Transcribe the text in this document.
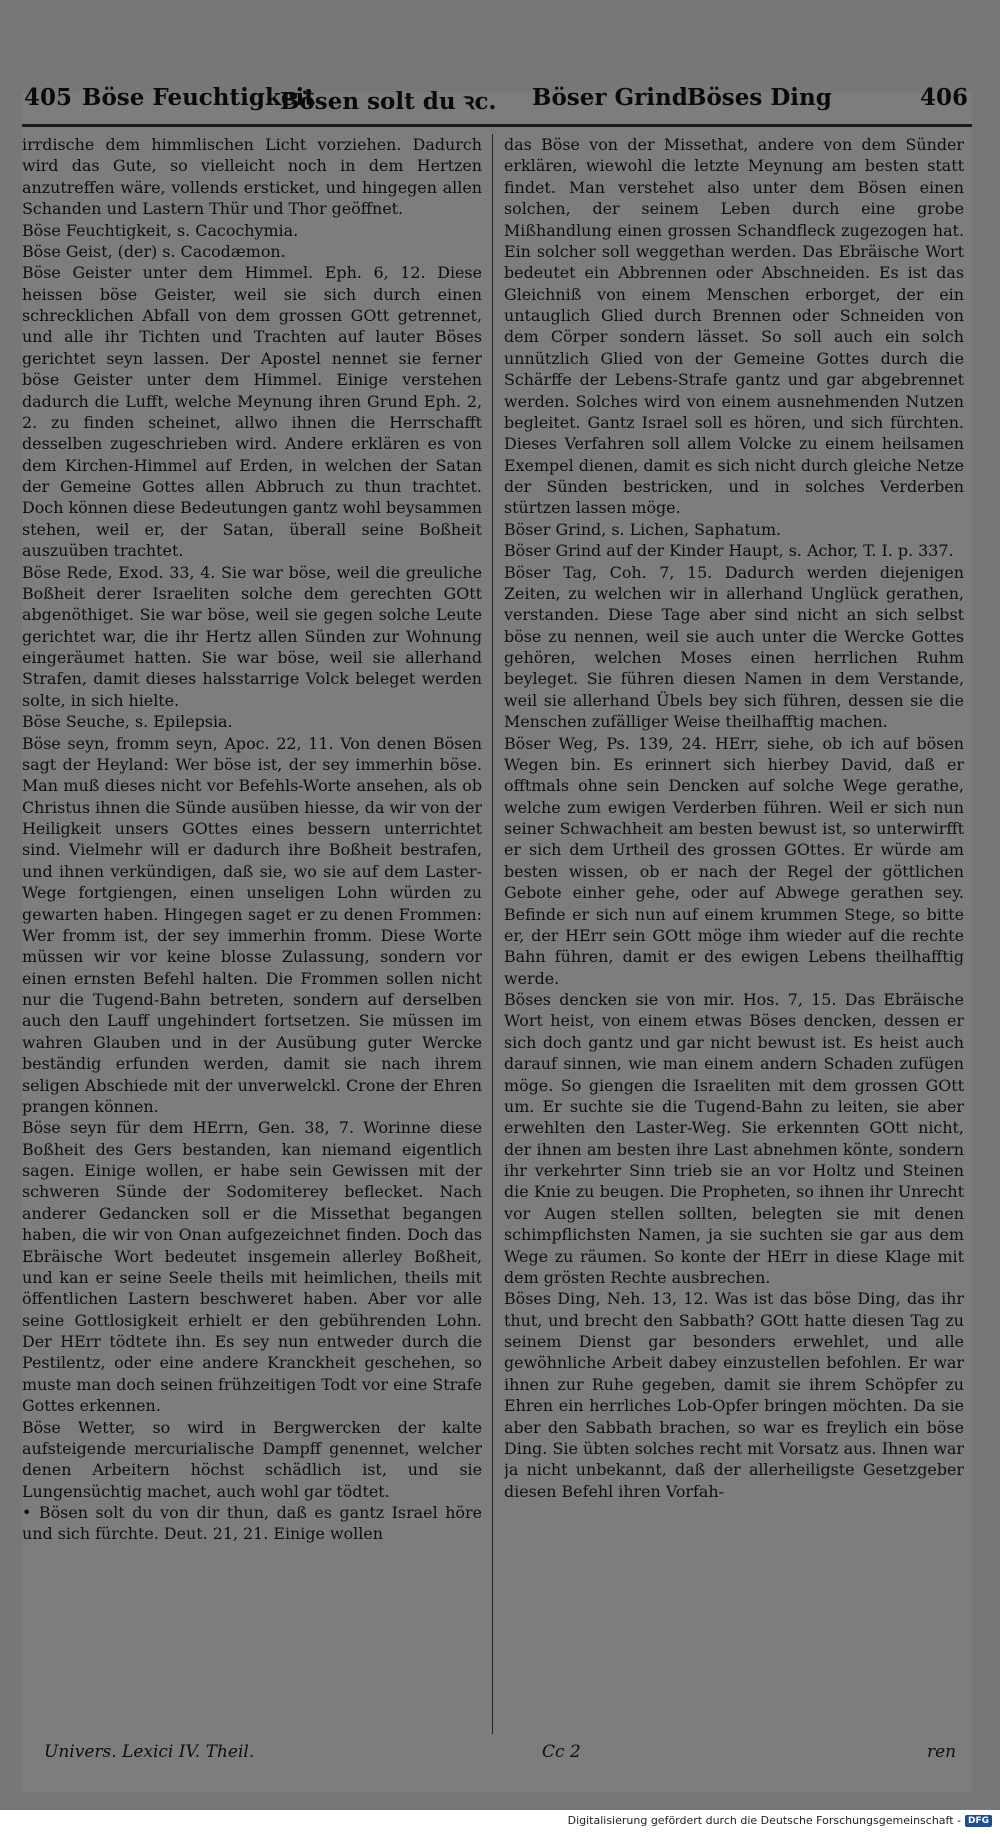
405 Böse Feuchtigkeit
Bösen solt du ꝛc. Böser Grind Böses Ding	406

irrdische dem himmlischen Licht vorziehen. Dadurch wird das Gute, so vielleicht noch in dem Hertzen anzutreffen wäre, vollends ersticket, und hingegen allen Schanden und Lastern Thür und Thor geöffnet.

Böse Feuchtigkeit, s. Cacochymia.

Böse Geist, (der) s. Cacodæmon.

Böse Geister unter dem Himmel. Eph. 6, 12. Diese heissen böse Geister, weil sie sich durch einen schrecklichen Abfall von dem grossen GOtt getrennet, und alle ihr Tichten und Trachten auf lauter Böses gerichtet seyn lassen. Der Apostel nennet sie ferner böse Geister unter dem Himmel. Einige verstehen dadurch die Lufft, welche Meynung ihren Grund Eph. 2, 2. zu finden scheinet, allwo ihnen die Herrschafft desselben zugeschrieben wird. Andere erklären es von dem Kirchen-Himmel auf Erden, in welchen der Satan der Gemeine Gottes allen Abbruch zu thun trachtet. Doch können diese Bedeutungen gantz wohl beysammen stehen, weil er, der Satan, überall seine Boßheit auszuüben trachtet.

Böse Rede, Exod. 33, 4. Sie war böse, weil die greuliche Boßheit derer Israeliten solche dem gerechten GOtt abgenöthiget. Sie war böse, weil sie gegen solche Leute gerichtet war, die ihr Hertz allen Sünden zur Wohnung eingeräumet hatten. Sie war böse, weil sie allerhand Strafen, damit dieses halsstarrige Volck beleget werden solte, in sich hielte.

Böse Seuche, s. Epilepsia.

Böse seyn, fromm seyn, Apoc. 22, 11. Von denen Bösen sagt der Heyland: Wer böse ist, der sey immerhin böse. Man muß dieses nicht vor Befehls-Worte ansehen, als ob Christus ihnen die Sünde ausüben hiesse, da wir von der Heiligkeit unsers GOttes eines bessern unterrichtet sind. Vielmehr will er dadurch ihre Boßheit bestrafen, und ihnen verkündigen, daß sie, wo sie auf dem Laster-Wege fortgiengen, einen unseligen Lohn würden zu gewarten haben. Hingegen saget er zu denen Frommen: Wer fromm ist, der sey immerhin fromm. Diese Worte müssen wir vor keine blosse Zulassung, sondern vor einen ernsten Befehl halten. Die Frommen sollen nicht nur die Tugend-Bahn betreten, sondern auf derselben auch den Lauff ungehindert fortsetzen. Sie müssen im wahren Glauben und in der Ausübung guter Wercke beständig erfunden werden, damit sie nach ihrem seligen Abschiede mit der unverwelckl. Crone der Ehren prangen können.

Böse seyn für dem HErrn, Gen. 38, 7. Worinne diese Boßheit des Gers bestanden, kan niemand eigentlich sagen. Einige wollen, er habe sein Gewissen mit der schweren Sünde der Sodomiterey beflecket. Nach anderer Gedancken soll er die Missethat begangen haben, die wir von Onan aufgezeichnet finden. Doch das Ebräische Wort bedeutet insgemein allerley Boßheit, und kan er seine Seele theils mit heimlichen, theils mit öffentlichen Lastern beschweret haben. Aber vor alle seine Gottlosigkeit erhielt er den gebührenden Lohn. Der HErr tödtete ihn. Es sey nun entweder durch die Pestilentz, oder eine andere Kranckheit geschehen, so muste man doch seinen frühzeitigen Todt vor eine Strafe Gottes erkennen.

Böse Wetter, so wird in Bergwercken der kalte aufsteigende mercurialische Dampff genennet, welcher denen Arbeitern höchst schädlich ist, und sie Lungensüchtig machet, auch wohl gar tödtet.

• Bösen solt du von dir thun, daß es gantz Israel höre und sich fürchte. Deut. 21, 21. Einige wollen

das Böse von der Missethat, andere von dem Sünder erklären, wiewohl die letzte Meynung am besten statt findet. Man verstehet also unter dem Bösen einen solchen, der seinem Leben durch eine grobe Mißhandlung einen grossen Schandfleck zugezogen hat. Ein solcher soll weggethan werden. Das Ebräische Wort bedeutet ein Abbrennen oder Abschneiden. Es ist das Gleichniß von einem Menschen erborget, der ein untauglich Glied durch Brennen oder Schneiden von dem Cörper sondern lässet. So soll auch ein solch unnützlich Glied von der Gemeine Gottes durch die Schärffe der Lebens-Strafe gantz und gar abgebrennet werden. Solches wird von einem ausnehmenden Nutzen begleitet. Gantz Israel soll es hören, und sich fürchten. Dieses Verfahren soll allem Volcke zu einem heilsamen Exempel dienen, damit es sich nicht durch gleiche Netze der Sünden bestricken, und in solches Verderben stürtzen lassen möge.

Böser Grind, s. Lichen, Saphatum.

Böser Grind auf der Kinder Haupt, s. Achor, T. I. p. 337.

Böser Tag, Coh. 7, 15. Dadurch werden diejenigen Zeiten, zu welchen wir in allerhand Unglück gerathen, verstanden. Diese Tage aber sind nicht an sich selbst böse zu nennen, weil sie auch unter die Wercke Gottes gehören, welchen Moses einen herrlichen Ruhm beyleget. Sie führen diesen Namen in dem Verstande, weil sie allerhand Übels bey sich führen, dessen sie die Menschen zufälliger Weise theilhafftig machen.

Böser Weg, Ps. 139, 24. HErr, siehe, ob ich auf bösen Wegen bin. Es erinnert sich hierbey David, daß er offtmals ohne sein Dencken auf solche Wege gerathe, welche zum ewigen Verderben führen. Weil er sich nun seiner Schwachheit am besten bewust ist, so unterwirfft er sich dem Urtheil des grossen GOttes. Er würde am besten wissen, ob er nach der Regel der göttlichen Gebote einher gehe, oder auf Abwege gerathen sey. Befinde er sich nun auf einem krummen Stege, so bitte er, der HErr sein GOtt möge ihm wieder auf die rechte Bahn führen, damit er des ewigen Lebens theilhafftig werde.

Böses dencken sie von mir. Hos. 7, 15. Das Ebräische Wort heist, von einem etwas Böses dencken, dessen er sich doch gantz und gar nicht bewust ist. Es heist auch darauf sinnen, wie man einem andern Schaden zufügen möge. So giengen die Israeliten mit dem grossen GOtt um. Er suchte sie die Tugend-Bahn zu leiten, sie aber erwehlten den Laster-Weg. Sie erkennten GOtt nicht, der ihnen am besten ihre Last abnehmen könte, sondern ihr verkehrter Sinn trieb sie an vor Holtz und Steinen die Knie zu beugen. Die Propheten, so ihnen ihr Unrecht vor Augen stellen sollten, belegten sie mit denen schimpflichsten Namen, ja sie suchten sie gar aus dem Wege zu räumen. So konte der HErr in diese Klage mit dem grösten Rechte ausbrechen.

Böses Ding, Neh. 13, 12. Was ist das böse Ding, das ihr thut, und brecht den Sabbath? GOtt hatte diesen Tag zu seinem Dienst gar besonders erwehlet, und alle gewöhnliche Arbeit dabey einzustellen befohlen. Er war ihnen zur Ruhe gegeben, damit sie ihrem Schöpfer zu Ehren ein herrliches Lob-Opfer bringen möchten. Da sie aber den Sabbath brachen, so war es freylich ein böse Ding. Sie übten solches recht mit Vorsatz aus. Ihnen war ja nicht unbekannt, daß der allerheiligste Gesetzgeber diesen Befehl ihren Vorfah-

Univers. Lexici IV. Theil.	Cc 2	ren
Digitalisierung gefördert durch die Deutsche Forschungsgemeinschaft - DFG
